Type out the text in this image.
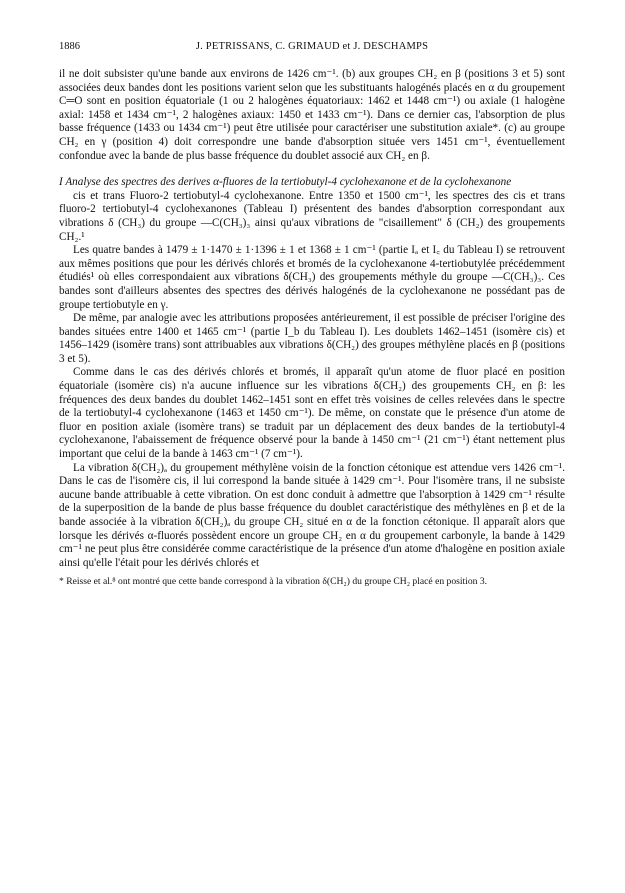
1886	J. PETRISSANS, C. GRIMAUD et J. DESCHAMPS

il ne doit subsister qu'une bande aux environs de 1426 cm⁻¹. (b) aux groupes CH₂ en β (positions 3 et 5) sont associées deux bandes dont les positions varient selon que les substituants halogénés placés en α du groupement C═O sont en position équatoriale (1 ou 2 halogènes équatoriaux: 1462 et 1448 cm⁻¹) ou axiale (1 halogène axial: 1458 et 1434 cm⁻¹, 2 halogènes axiaux: 1450 et 1433 cm⁻¹). Dans ce dernier cas, l'absorption de plus basse fréquence (1433 ou 1434 cm⁻¹) peut être utilisée pour caractériser une substitution axiale*. (c) au groupe CH₂ en γ (position 4) doit correspondre une bande d'absorption située vers 1451 cm⁻¹, éventuellement confondue avec la bande de plus basse fréquence du doublet associé aux CH₂ en β.

I Analyse des spectres des derives α-fluores de la tertiobutyl-4 cyclohexanone et de la cyclohexanone

cis et trans Fluoro-2 tertiobutyl-4 cyclohexanone. Entre 1350 et 1500 cm⁻¹, les spectres des cis et trans fluoro-2 tertiobutyl-4 cyclohexanones (Tableau I) présentent des bandes d'absorption correspondant aux vibrations δ (CH₃) du groupe —C(CH₃)₃ ainsi qu'aux vibrations de "cisaillement" δ (CH₂) des groupements CH₂.¹

Les quatre bandes à 1479 ± 1·1470 ± 1·1396 ± 1 et 1368 ± 1 cm⁻¹ (partie Iₐ et I꜀ du Tableau I) se retrouvent aux mêmes positions que pour les dérivés chlorés et bromés de la cyclohexanone 4-tertiobutylée précédemment étudiés¹ où elles correspondaient aux vibrations δ(CH₃) des groupements méthyle du groupe —C(CH₃)₃. Ces bandes sont d'ailleurs absentes des spectres des dérivés halogénés de la cyclohexanone ne possédant pas de groupe tertiobutyle en γ.

De même, par analogie avec les attributions proposées antérieurement, il est possible de préciser l'origine des bandes situées entre 1400 et 1465 cm⁻¹ (partie I_b du Tableau I). Les doublets 1462–1451 (isomère cis) et 1456–1429 (isomère trans) sont attribuables aux vibrations δ(CH₂) des groupes méthylène placés en β (positions 3 et 5).

Comme dans le cas des dérivés chlorés et bromés, il apparaît qu'un atome de fluor placé en position équatoriale (isomère cis) n'a aucune influence sur les vibrations δ(CH₂) des groupements CH₂ en β: les fréquences des deux bandes du doublet 1462–1451 sont en effet très voisines de celles relevées dans le spectre de la tertiobutyl-4 cyclohexanone (1463 et 1450 cm⁻¹). De même, on constate que le présence d'un atome de fluor en position axiale (isomère trans) se traduit par un déplacement des deux bandes de la tertiobutyl-4 cyclohexanone, l'abaissement de fréquence observé pour la bande à 1450 cm⁻¹ (21 cm⁻¹) étant nettement plus important que celui de la bande à 1463 cm⁻¹ (7 cm⁻¹).

La vibration δ(CH₂)ₐ du groupement méthylène voisin de la fonction cétonique est attendue vers 1426 cm⁻¹. Dans le cas de l'isomère cis, il lui correspond la bande située à 1429 cm⁻¹. Pour l'isomère trans, il ne subsiste aucune bande attribuable à cette vibration. On est donc conduit à admettre que l'absorption à 1429 cm⁻¹ résulte de la superposition de la bande de plus basse fréquence du doublet caractéristique des méthylènes en β et de la bande associée à la vibration δ(CH₂)ₐ du groupe CH₂ situé en α de la fonction cétonique. Il apparaît alors que lorsque les dérivés α-fluorés possèdent encore un groupe CH₂ en α du groupement carbonyle, la bande à 1429 cm⁻¹ ne peut plus être considérée comme caractéristique de la présence d'un atome d'halogène en position axiale ainsi qu'elle l'était pour les dérivés chlorés et

* Reisse et al.⁸ ont montré que cette bande correspond à la vibration δ(CH₂) du groupe CH₂ placé en position 3.
